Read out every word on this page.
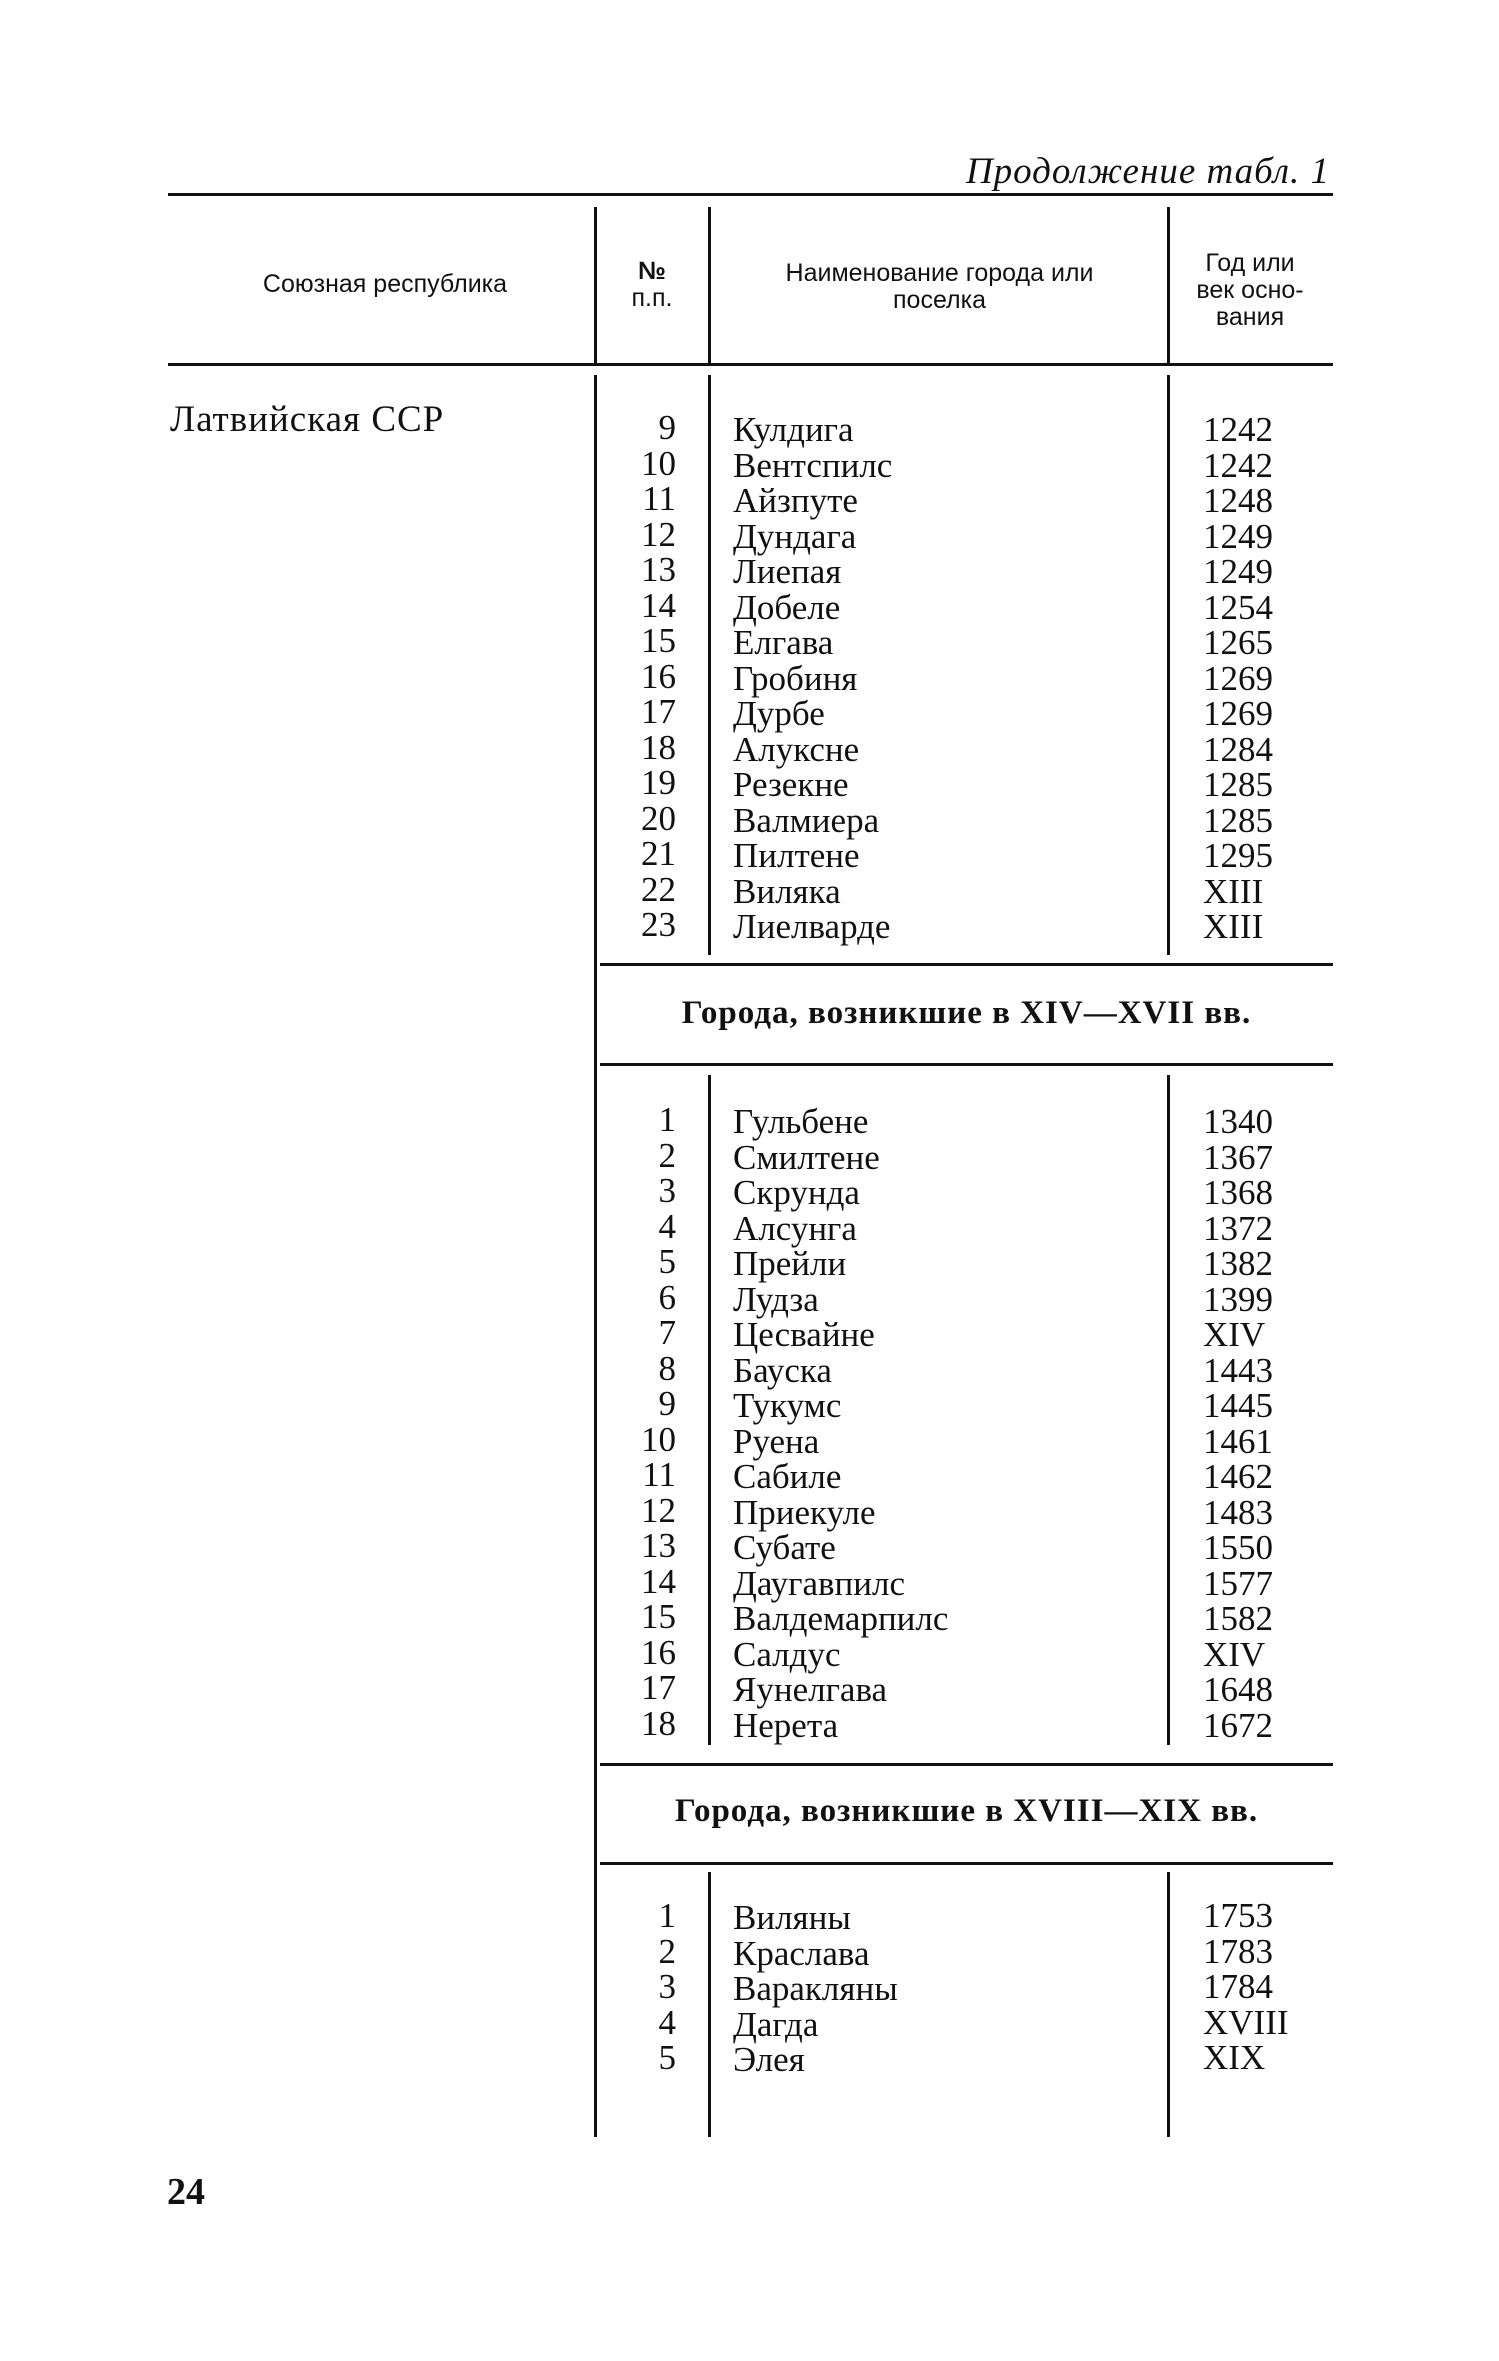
Продолжение табл. 1
Союзная республика	№
п.п.
Наименование города или
поселка
Год или
век осно-
вания
Латвийская ССР	9
10
11
12
13
14
15
16
17
18
19
20
21
22
23
Кулдига
Вентспилс
Айзпуте
Дундага
Лиепая
Добеле
Елгава
Гробиня
Дурбе
Алуксне
Резекне
Валмиера
Пилтене
Виляка
Лиелварде
1242
1242
1248
1249
1249
1254
1265
1269
1269
1284
1285
1285
1295
XIII
XIII
Города, возникшие в XIV—XVII вв.
1
2
3
4
5
6
7
8
9
10
11
12
13
14
15
16
17
18
Гульбене
Смилтене
Скрунда
Алсунга
Прейли
Лудза
Цесвайне
Бауска
Тукумс
Руена
Сабиле
Приекуле
Субате
Даугавпилс
Валдемарпилс
Салдус
Яунелгава
Нерета
1340
1367
1368
1372
1382
1399
XIV
1443
1445
1461
1462
1483
1550
1577
1582
XIV
1648
1672
Города, возникшие в XVIII—XIX вв.
1
2
3
4
5
Виляны
Краслава
Варакляны
Дагда
Элея
1753
1783
1784
XVIII
XIX
24
